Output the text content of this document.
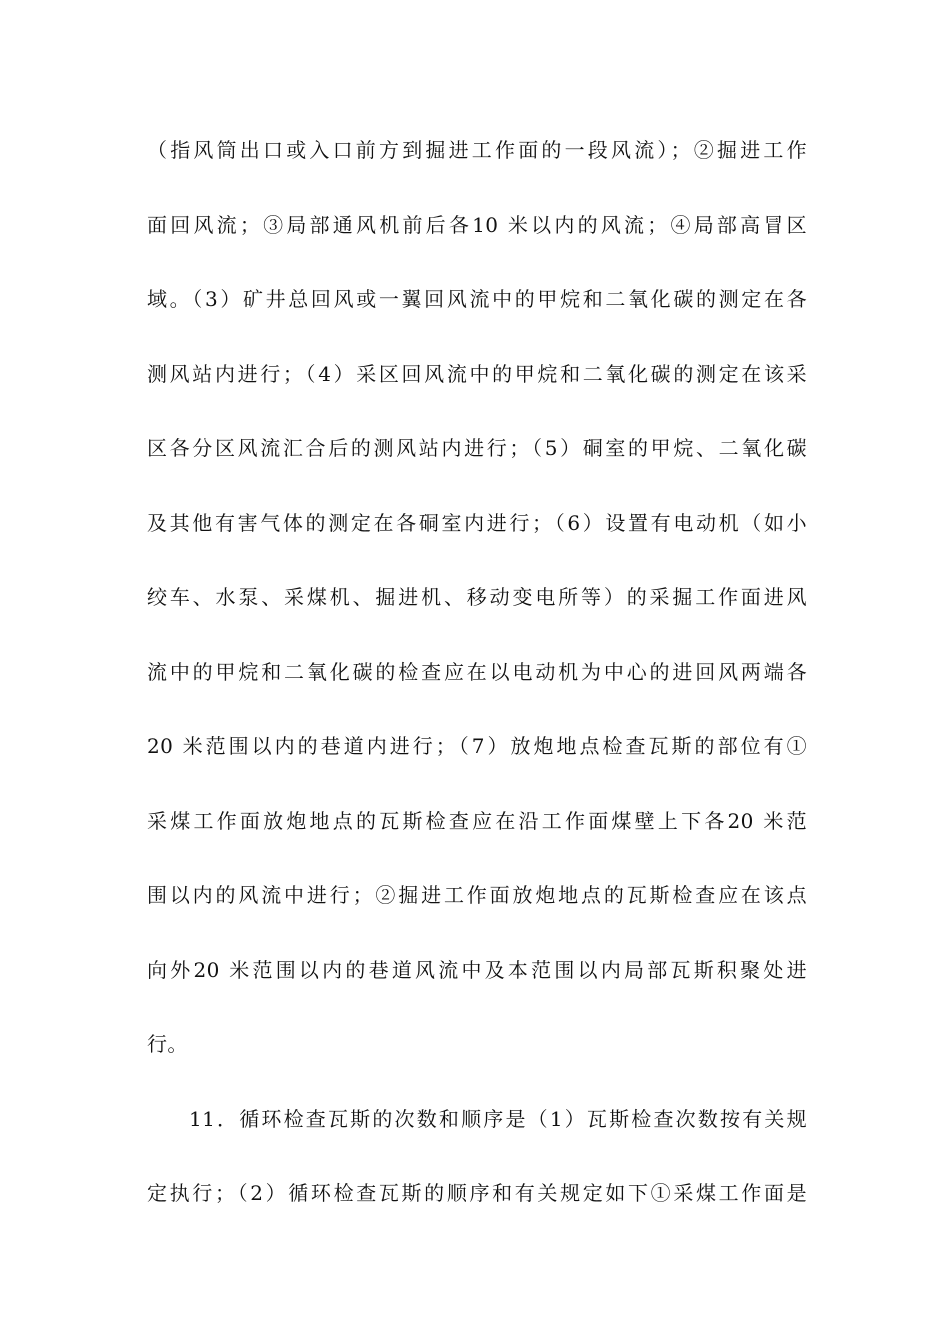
（指风筒出口或入口前方到掘进工作面的一段风流）；②掘进工作
面回风流；③局部通风机前后各10 米以内的风流；④局部高冒区
域。（3）矿井总回风或一翼回风流中的甲烷和二氧化碳的测定在各
测风站内进行；（4）采区回风流中的甲烷和二氧化碳的测定在该采
区各分区风流汇合后的测风站内进行；（5）硐室的甲烷、二氧化碳
及其他有害气体的测定在各硐室内进行；（6）设置有电动机（如小
绞车、水泵、采煤机、掘进机、移动变电所等）的采掘工作面进风
流中的甲烷和二氧化碳的检查应在以电动机为中心的进回风两端各
20 米范围以内的巷道内进行；（7）放炮地点检查瓦斯的部位有①
采煤工作面放炮地点的瓦斯检查应在沿工作面煤壁上下各20 米范
围以内的风流中进行；②掘进工作面放炮地点的瓦斯检查应在该点
向外20 米范围以内的巷道风流中及本范围以内局部瓦斯积聚处进
行。
11．循环检查瓦斯的次数和顺序是（1）瓦斯检查次数按有关规
定执行；（2）循环检查瓦斯的顺序和有关规定如下①采煤工作面是
